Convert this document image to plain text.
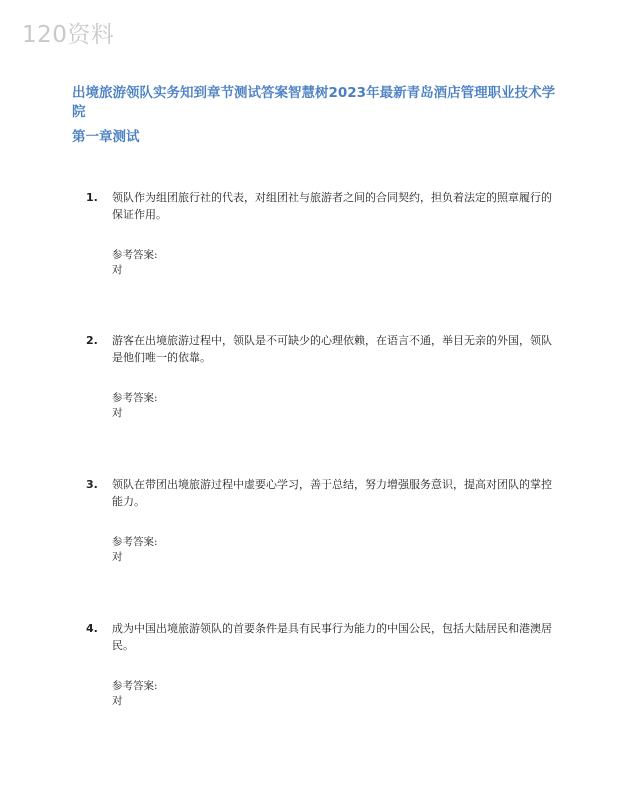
120资料
出境旅游领队实务知到章节测试答案智慧树2023年最新青岛酒店管理职业技术学院
第一章测试
1. 领队作为组团旅行社的代表，对组团社与旅游者之间的合同契约，担负着法定的照章履行的保证作用。
参考答案:
对
2. 游客在出境旅游过程中，领队是不可缺少的心理依赖，在语言不通，举目无亲的外国，领队是他们唯一的依靠。
参考答案:
对
3. 领队在带团出境旅游过程中虚要心学习，善于总结，努力增强服务意识，提高对团队的掌控能力。
参考答案:
对
4. 成为中国出境旅游领队的首要条件是具有民事行为能力的中国公民，包括大陆居民和港澳居民。
参考答案:
对
